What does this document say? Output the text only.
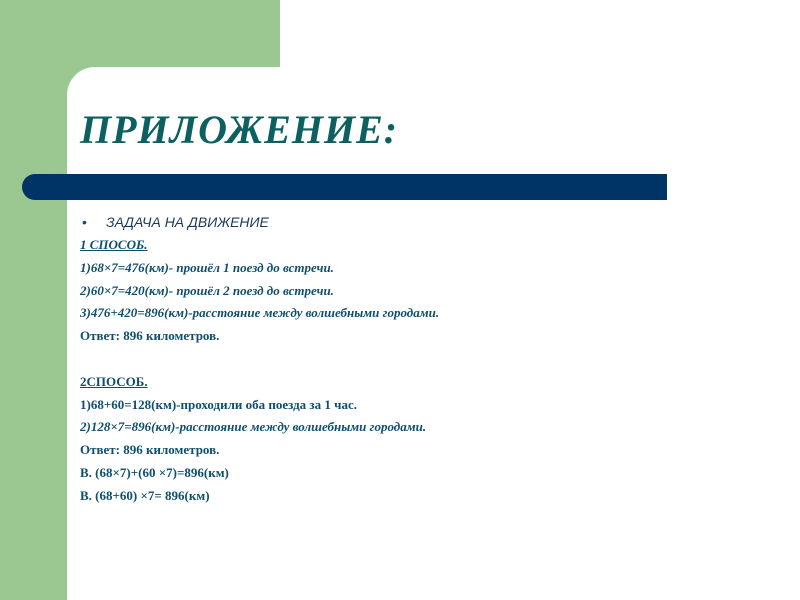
ПРИЛОЖЕНИЕ:
• ЗАДАЧА НА ДВИЖЕНИЕ
1 СПОСОБ.
1)68×7=476(км)- прошёл 1 поезд до встречи.
2)60×7=420(км)- прошёл 2 поезд до встречи.
3)476+420=896(км)-расстояние между волшебными городами.
Ответ: 896 километров.
2СПОСОБ.
1)68+60=128(км)-проходили оба поезда за 1 час.
2)128×7=896(км)-расстояние между волшебными городами.
Ответ: 896 километров.
В. (68×7)+(60 ×7)=896(км)
В. (68+60) ×7= 896(км)
